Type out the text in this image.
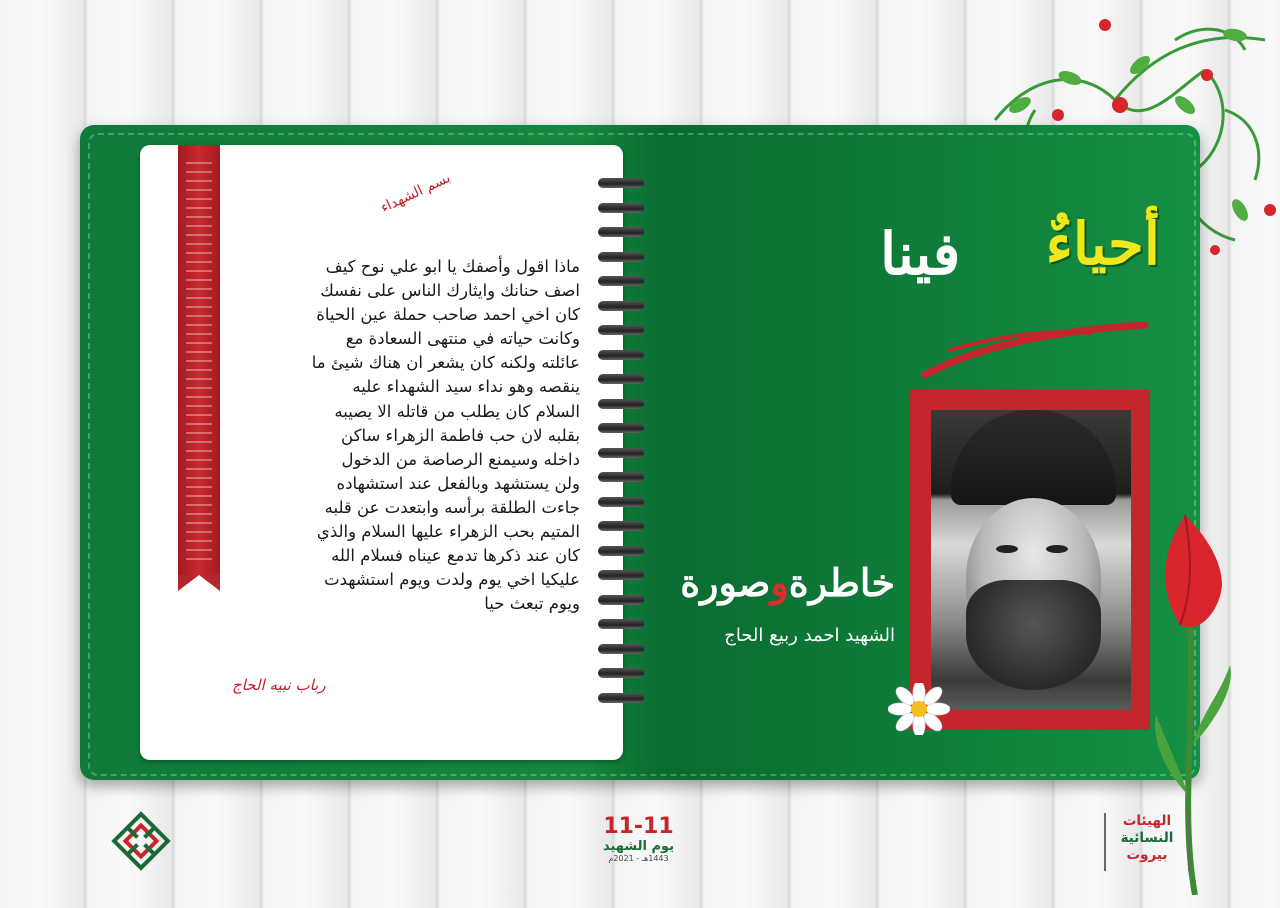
بسم الشهداء
ماذا اقول وأصفك يا ابو علي نوح كيف
اصف حنانك وايثارك الناس على نفسك
كان اخي احمد صاحب حملة عين الحياة
وكانت حياته في منتهى السعادة مع
عائلته ولكنه كان يشعر ان هناك شيئ ما
ينقصه وهو نداء سيد الشهداء عليه
السلام كان يطلب من قاتله الا يصيبه
بقلبه لان حب فاطمة الزهراء ساكن
داخله وسيمنع الرصاصة من الدخول
ولن يستشهد وبالفعل عند استشهاده
جاءت الطلقة برأسه وابتعدت عن قلبه
المتيم بحب الزهراء عليها السلام والذي
كان عند ذكرها تدمع عيناه فسلام الله
عليكيا اخي يوم ولدت ويوم استشهدت
ويوم تبعث حيا
رباب نبيه الحاج
أحياءٌ
فينا
خاطرةوصورة
الشهيد احمد ربيع الحاج
11-11
يوم الشهيد
1443هـ - 2021م
الهيئات
النسائية
بيروت
